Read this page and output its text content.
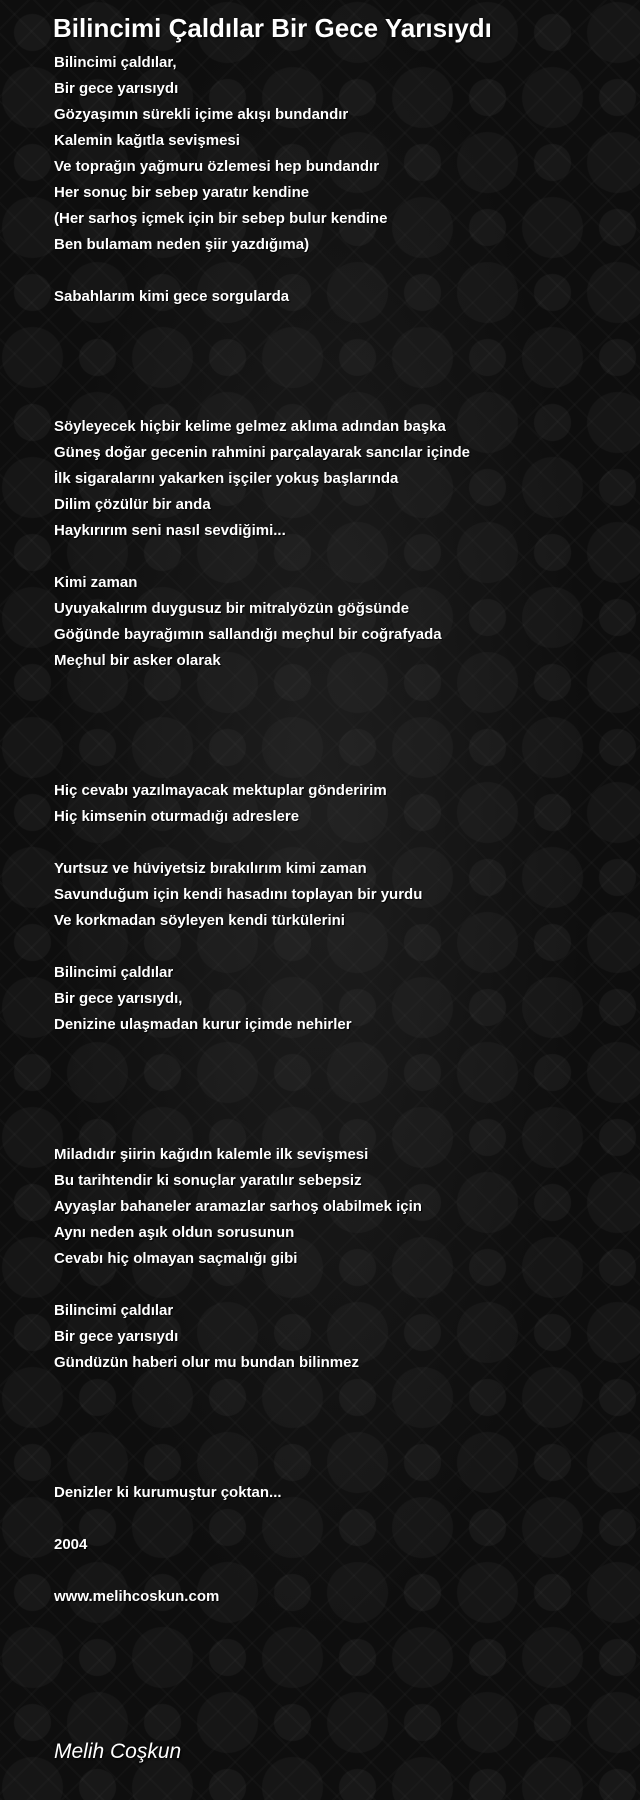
Bilincimi Çaldılar Bir Gece Yarısıydı
Bilincimi çaldılar,
Bir gece yarısıydı
Gözyaşımın sürekli içime akışı bundandır
Kalemin kağıtla sevişmesi
Ve toprağın yağmuru özlemesi hep bundandır
Her sonuç bir sebep yaratır kendine
(Her sarhoş içmek için bir sebep bulur kendine
Ben bulamam neden şiir yazdığıma)
Sabahlarım kimi gece sorgularda
Söyleyecek hiçbir kelime gelmez aklıma adından başka
Güneş doğar gecenin rahmini parçalayarak sancılar içinde
İlk sigaralarını yakarken işçiler yokuş başlarında
Dilim çözülür bir anda
Haykırırım seni nasıl sevdiğimi...
Kimi zaman
Uyuyakalırım duygusuz bir mitralyözün göğsünde
Göğünde bayrağımın sallandığı meçhul bir coğrafyada
Meçhul bir asker olarak
Hiç cevabı yazılmayacak mektuplar gönderirim
Hiç kimsenin oturmadığı adreslere
Yurtsuz ve hüviyetsiz bırakılırım kimi zaman
Savunduğum için kendi hasadını toplayan bir yurdu
Ve korkmadan söyleyen kendi türkülerini
Bilincimi çaldılar
Bir gece yarısıydı,
Denizine ulaşmadan kurur içimde nehirler
Miladıdır şiirin kağıdın kalemle ilk sevişmesi
Bu tarihtendir ki sonuçlar yaratılır sebepsiz
Ayyaşlar bahaneler aramazlar sarhoş olabilmek için
Aynı neden aşık oldun sorusunun
Cevabı hiç olmayan saçmalığı gibi
Bilincimi çaldılar
Bir gece yarısıydı
Gündüzün haberi olur mu bundan bilinmez
Denizler ki kurumuştur çoktan...
2004
www.melihcoskun.com
Melih Coşkun
